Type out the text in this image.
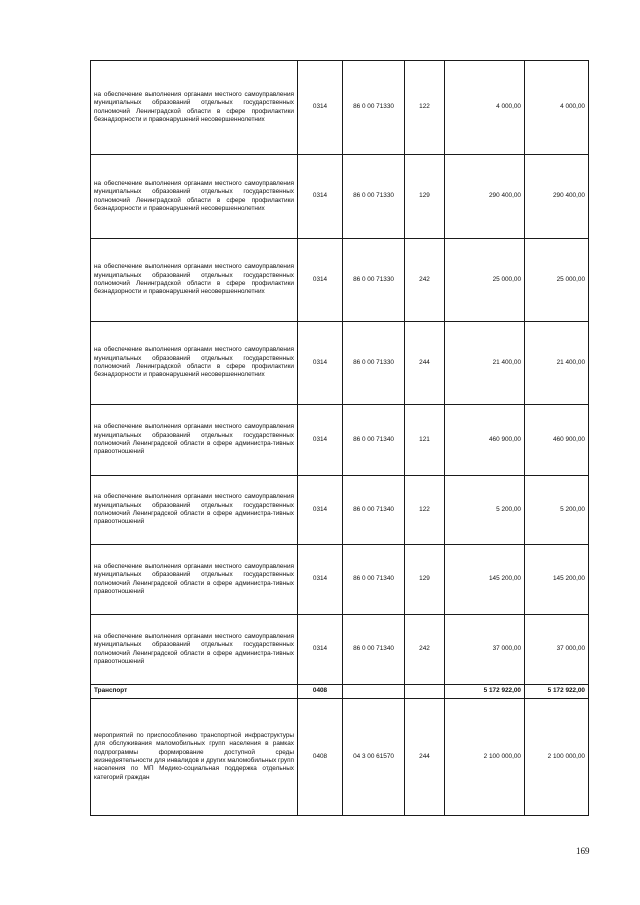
на обеспечение выполнения органами местного самоуправления муниципальных образований отдельных государственных полномочий Ленинградской области в сфере профилактики безнадзорности и правонарушений несовершеннолетних	0314	86 0 00 71330	122	4 000,00	4 000,00
на обеспечение выполнения органами местного самоуправления муниципальных образований отдельных государственных полномочий Ленинградской области в сфере профилактики безнадзорности и правонарушений несовершеннолетних	0314	86 0 00 71330	129	290 400,00	290 400,00
на обеспечение выполнения органами местного самоуправления муниципальных образований отдельных государственных полномочий Ленинградской области в сфере профилактики безнадзорности и правонарушений несовершеннолетних	0314	86 0 00 71330	242	25 000,00	25 000,00
на обеспечение выполнения органами местного самоуправления муниципальных образований отдельных государственных полномочий Ленинградской области в сфере профилактики безнадзорности и правонарушений несовершеннолетних	0314	86 0 00 71330	244	21 400,00	21 400,00
на обеспечение выполнения органами местного самоуправления муниципальных образований отдельных государственных полномочий Ленинградской области в сфере администра-тивных правоотношений	0314	86 0 00 71340	121	460 900,00	460 900,00
на обеспечение выполнения органами местного самоуправления муниципальных образований отдельных государственных полномочий Ленинградской области в сфере администра-тивных правоотношений	0314	86 0 00 71340	122	5 200,00	5 200,00
на обеспечение выполнения органами местного самоуправления муниципальных образований отдельных государственных полномочий Ленинградской области в сфере администра-тивных правоотношений	0314	86 0 00 71340	129	145 200,00	145 200,00
на обеспечение выполнения органами местного самоуправления муниципальных образований отдельных государственных полномочий Ленинградской области в сфере администра-тивных правоотношений	0314	86 0 00 71340	242	37 000,00	37 000,00
Транспорт	0408			5 172 922,00	5 172 922,00
мероприятий по приспособлению транспортной инфраструктуры для обслуживания маломобильных групп населения в рамках подпрограммы формирование доступной среды жизнедеятельности для инвалидов и других маломобильных групп населения по МП Медико-социальная поддержка отдельных категорий граждан	0408	04 3 00 61570	244	2 100 000,00	2 100 000,00
169
